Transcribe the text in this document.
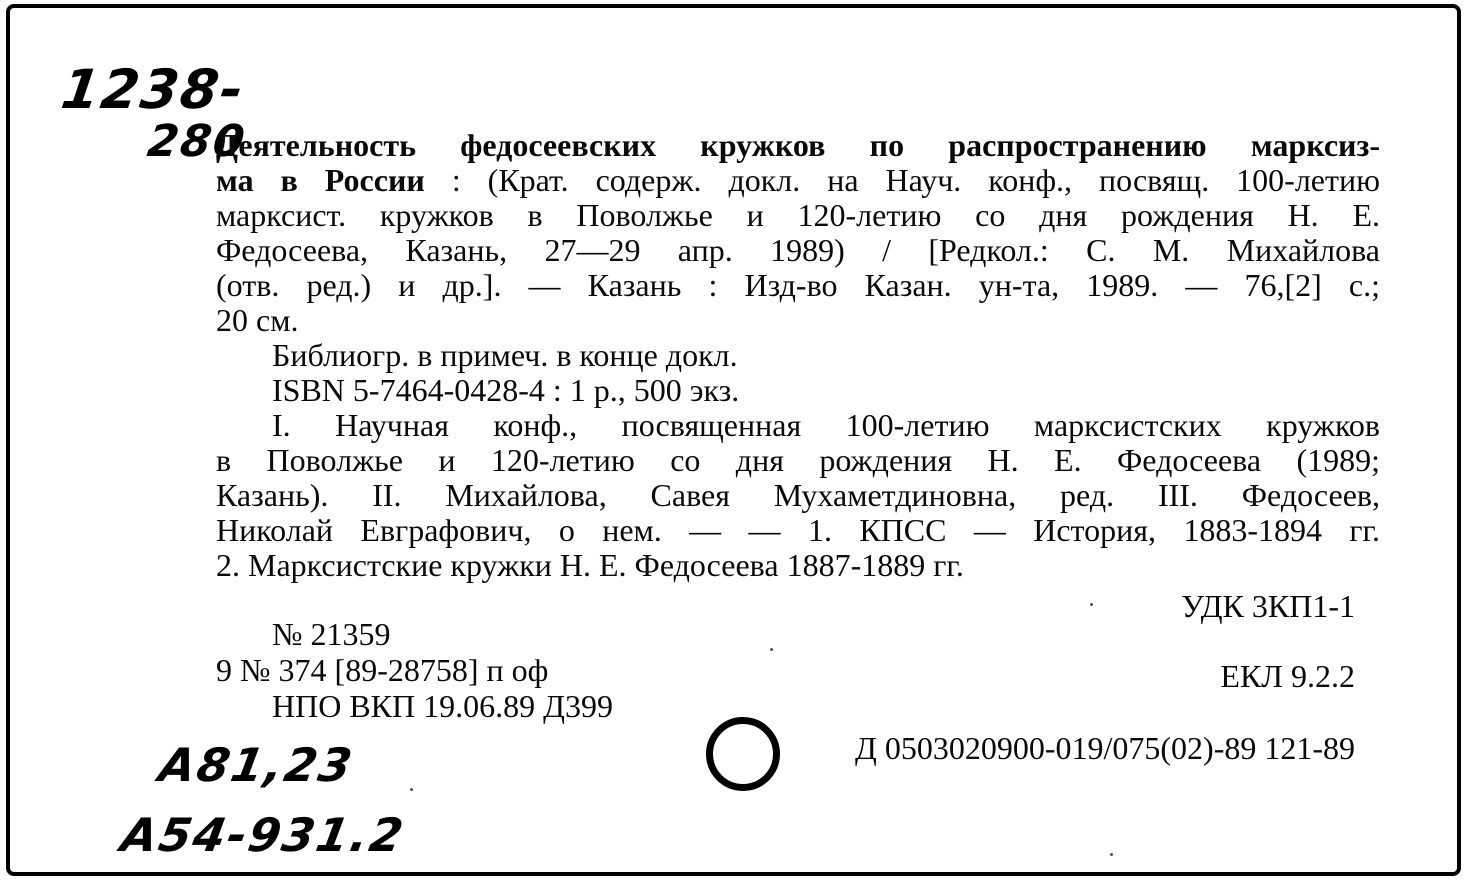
1238-
280
Деятельность федосеевских кружков по распространению марксиз-
ма в России : (Крат. содерж. докл. на Науч. конф., посвящ. 100-летию
марксист. кружков в Поволжье и 120-летию со дня рождения Н. Е.
Федосеева, Казань, 27—29 апр. 1989) / [Редкол.: С. М. Михайлова
(отв. ред.) и др.]. — Казань : Изд-во Казан. ун-та, 1989. — 76,[2] с.;
20 см.
Библиогр. в примеч. в конце докл.
ISBN 5-7464-0428-4 : 1 р., 500 экз.
I. Научная конф., посвященная 100-летию марксистских кружков
в Поволжье и 120-летию со дня рождения Н. Е. Федосеева (1989;
Казань). II. Михайлова, Савея Мухаметдиновна, ред. III. Федосеев,
Николай Евграфович, о нем. — — 1. КПСС — История, 1883-1894 гг.
2. Марксистские кружки Н. Е. Федосеева 1887-1889 гг.
УДК 3КП1-1
№ 21359
9 № 374 [89-28758] п оф
НПО ВКП 19.06.89 Д399
ЕКЛ 9.2.2
Д 0503020900-019/075(02)-89 121-89
А81,23
А54-931.2
